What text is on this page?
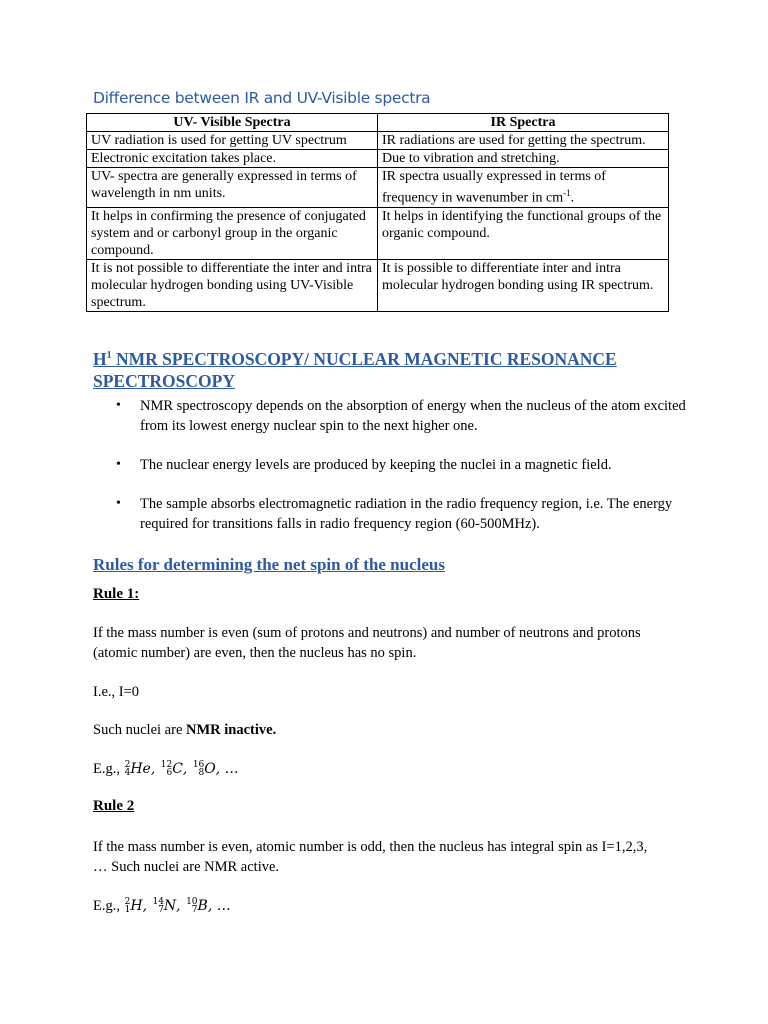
Difference between IR and UV-Visible spectra
UV- Visible Spectra	IR Spectra
UV radiation is used for getting UV spectrum	IR radiations are used for getting the spectrum.
Electronic excitation takes place.	Due to vibration and stretching.
UV- spectra are generally expressed in terms of wavelength in nm units.	IR spectra usually expressed in terms of frequency in wavenumber in $cm^{-1}$.
It helps in confirming the presence of conjugated system and or carbonyl group in the organic compound.	It helps in identifying the functional groups of the organic compound.
It is not possible to differentiate the inter and intra molecular hydrogen bonding using UV-Visible spectrum.	It is possible to differentiate inter and intra molecular hydrogen bonding using IR spectrum.
$H^1$ NMR SPECTROSCOPY/ NUCLEAR MAGNETIC RESONANCE SPECTROSCOPY
• NMR spectroscopy depends on the absorption of energy when the nucleus of the atom excited from its lowest energy nuclear spin to the next higher one.
• The nuclear energy levels are produced by keeping the nuclei in a magnetic field.
• The sample absorbs electromagnetic radiation in the radio frequency region, i.e. The energy required for transitions falls in radio frequency region (60-500MHz).
Rules for determining the net spin of the nucleus
Rule 1:
If the mass number is even (sum of protons and neutrons) and number of neutrons and protons (atomic number) are even, then the nucleus has no spin.
I.e., I=0
Such nuclei are NMR inactive.
E.g., 2
4 He, 12
6 C, 16
8 O, …
Rule 2
If the mass number is even, atomic number is odd, then the nucleus has integral spin as I=1,2,3, … Such nuclei are NMR active.
E.g., 2
1 H, 14
7 N, 10
7 B, …
